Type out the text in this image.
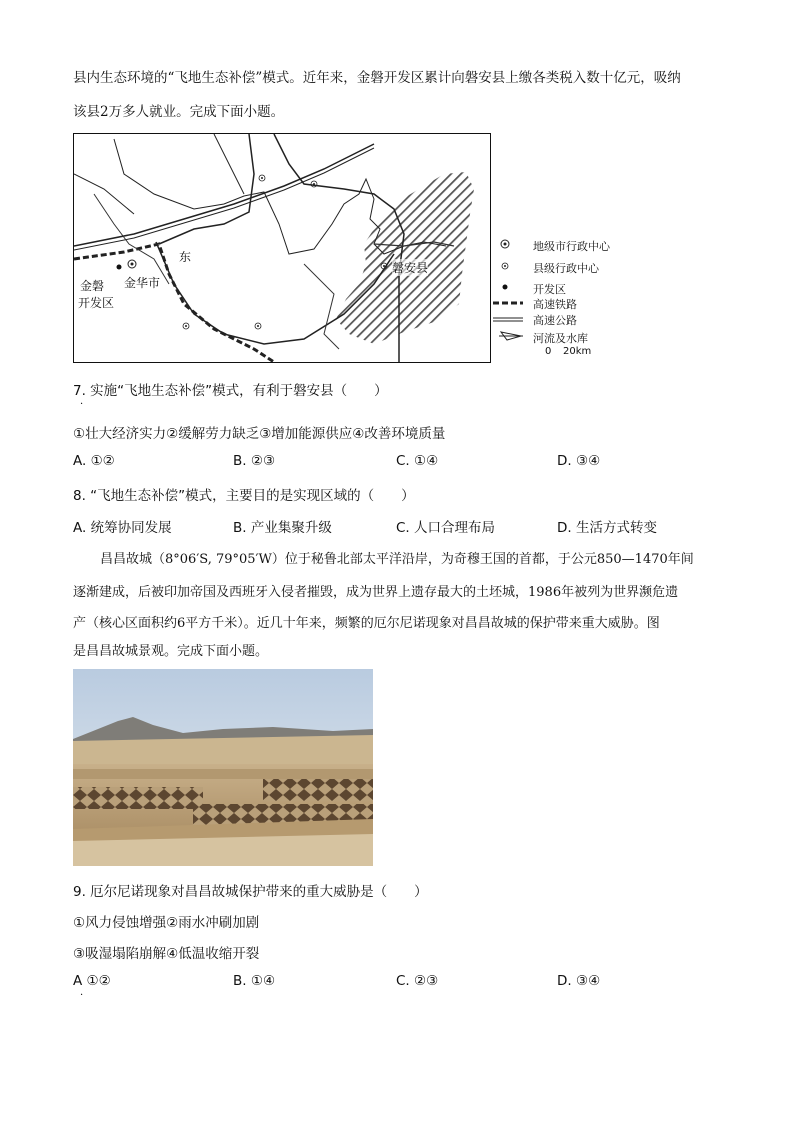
县内生态环境的“飞地生态补偿”模式。近年来，金磐开发区累计向磐安县上缴各类税入数十亿元，吸纳
该县2万多人就业。完成下面小题。
东
金华市
金磐
开发区
磐安县
地级市行政中心
县级行政中心
开发区
高速铁路
高速公路
河流及水库
0 20km
7. 实施“飞地生态补偿”模式，有利于磐安县（　　）
·
①壮大经济实力②缓解劳力缺乏③增加能源供应④改善环境质量
A. ①②	B. ②③	C. ①④	D. ③④
8. “飞地生态补偿”模式，主要目的是实现区域的（　　）
A. 统筹协同发展	B. 产业集聚升级	C. 人口合理布局	D. 生活方式转变
昌昌故城（8°06′S, 79°05′W）位于秘鲁北部太平洋沿岸，为奇穆王国的首都，于公元850—1470年间
逐渐建成，后被印加帝国及西班牙入侵者摧毁，成为世界上遗存最大的土坯城，1986年被列为世界濒危遗
产（核心区面积约6平方千米）。近几十年来，频繁的厄尔尼诺现象对昌昌故城的保护带来重大威胁。图
是昌昌故城景观。完成下面小题。
9. 厄尔尼诺现象对昌昌故城保护带来的重大威胁是（　　）
①风力侵蚀增强②雨水冲刷加剧
③吸湿塌陷崩解④低温收缩开裂
A ①②	B. ①④	C. ②③	D. ③④
·
